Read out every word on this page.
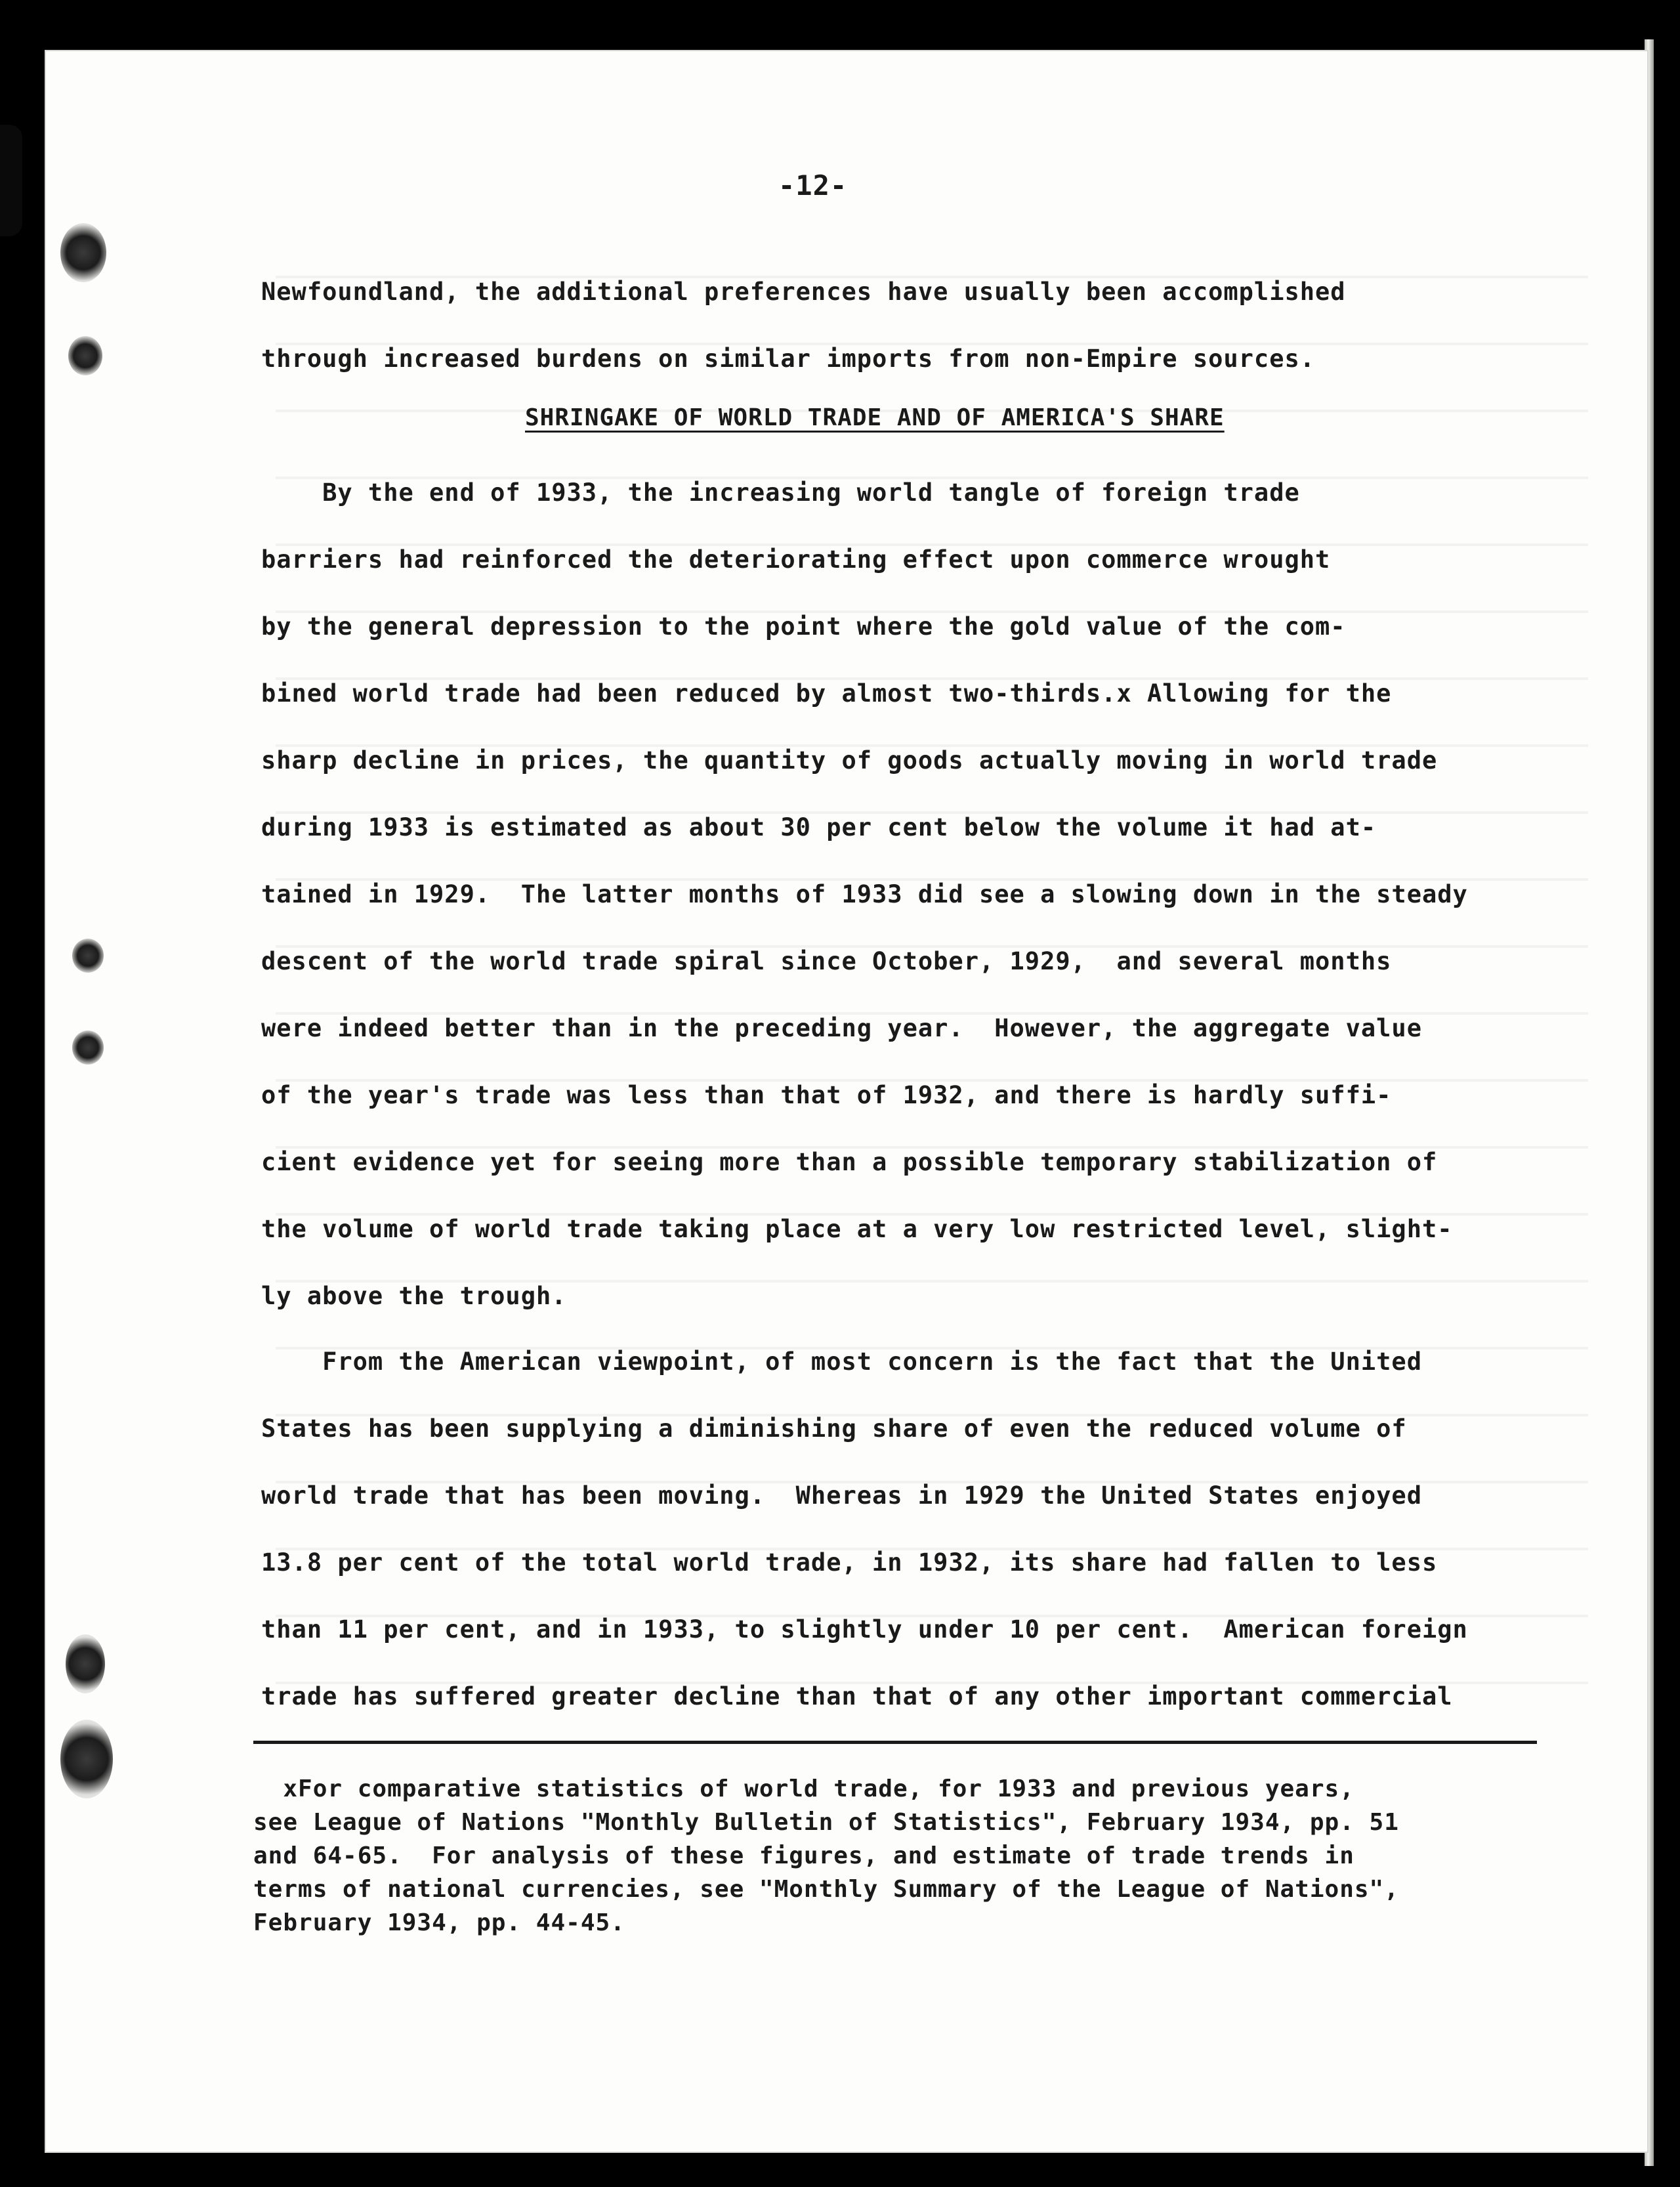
-12-
Newfoundland, the additional preferences have usually been accomplished
through increased burdens on similar imports from non-Empire sources.
SHRINGAKE OF WORLD TRADE AND OF AMERICA'S SHARE
By the end of 1933, the increasing world tangle of foreign trade
barriers had reinforced the deteriorating effect upon commerce wrought
by the general depression to the point where the gold value of the com-
bined world trade had been reduced by almost two-thirds.x Allowing for the
sharp decline in prices, the quantity of goods actually moving in world trade
during 1933 is estimated as about 30 per cent below the volume it had at-
tained in 1929.  The latter months of 1933 did see a slowing down in the steady
descent of the world trade spiral since October, 1929,  and several months
were indeed better than in the preceding year.  However, the aggregate value
of the year's trade was less than that of 1932, and there is hardly suffi-
cient evidence yet for seeing more than a possible temporary stabilization of
the volume of world trade taking place at a very low restricted level, slight-
ly above the trough.
From the American viewpoint, of most concern is the fact that the United
States has been supplying a diminishing share of even the reduced volume of
world trade that has been moving.  Whereas in 1929 the United States enjoyed
13.8 per cent of the total world trade, in 1932, its share had fallen to less
than 11 per cent, and in 1933, to slightly under 10 per cent.  American foreign
trade has suffered greater decline than that of any other important commercial
xFor comparative statistics of world trade, for 1933 and previous years,
see League of Nations "Monthly Bulletin of Statistics", February 1934, pp. 51
and 64-65.  For analysis of these figures, and estimate of trade trends in
terms of national currencies, see "Monthly Summary of the League of Nations",
February 1934, pp. 44-45.
